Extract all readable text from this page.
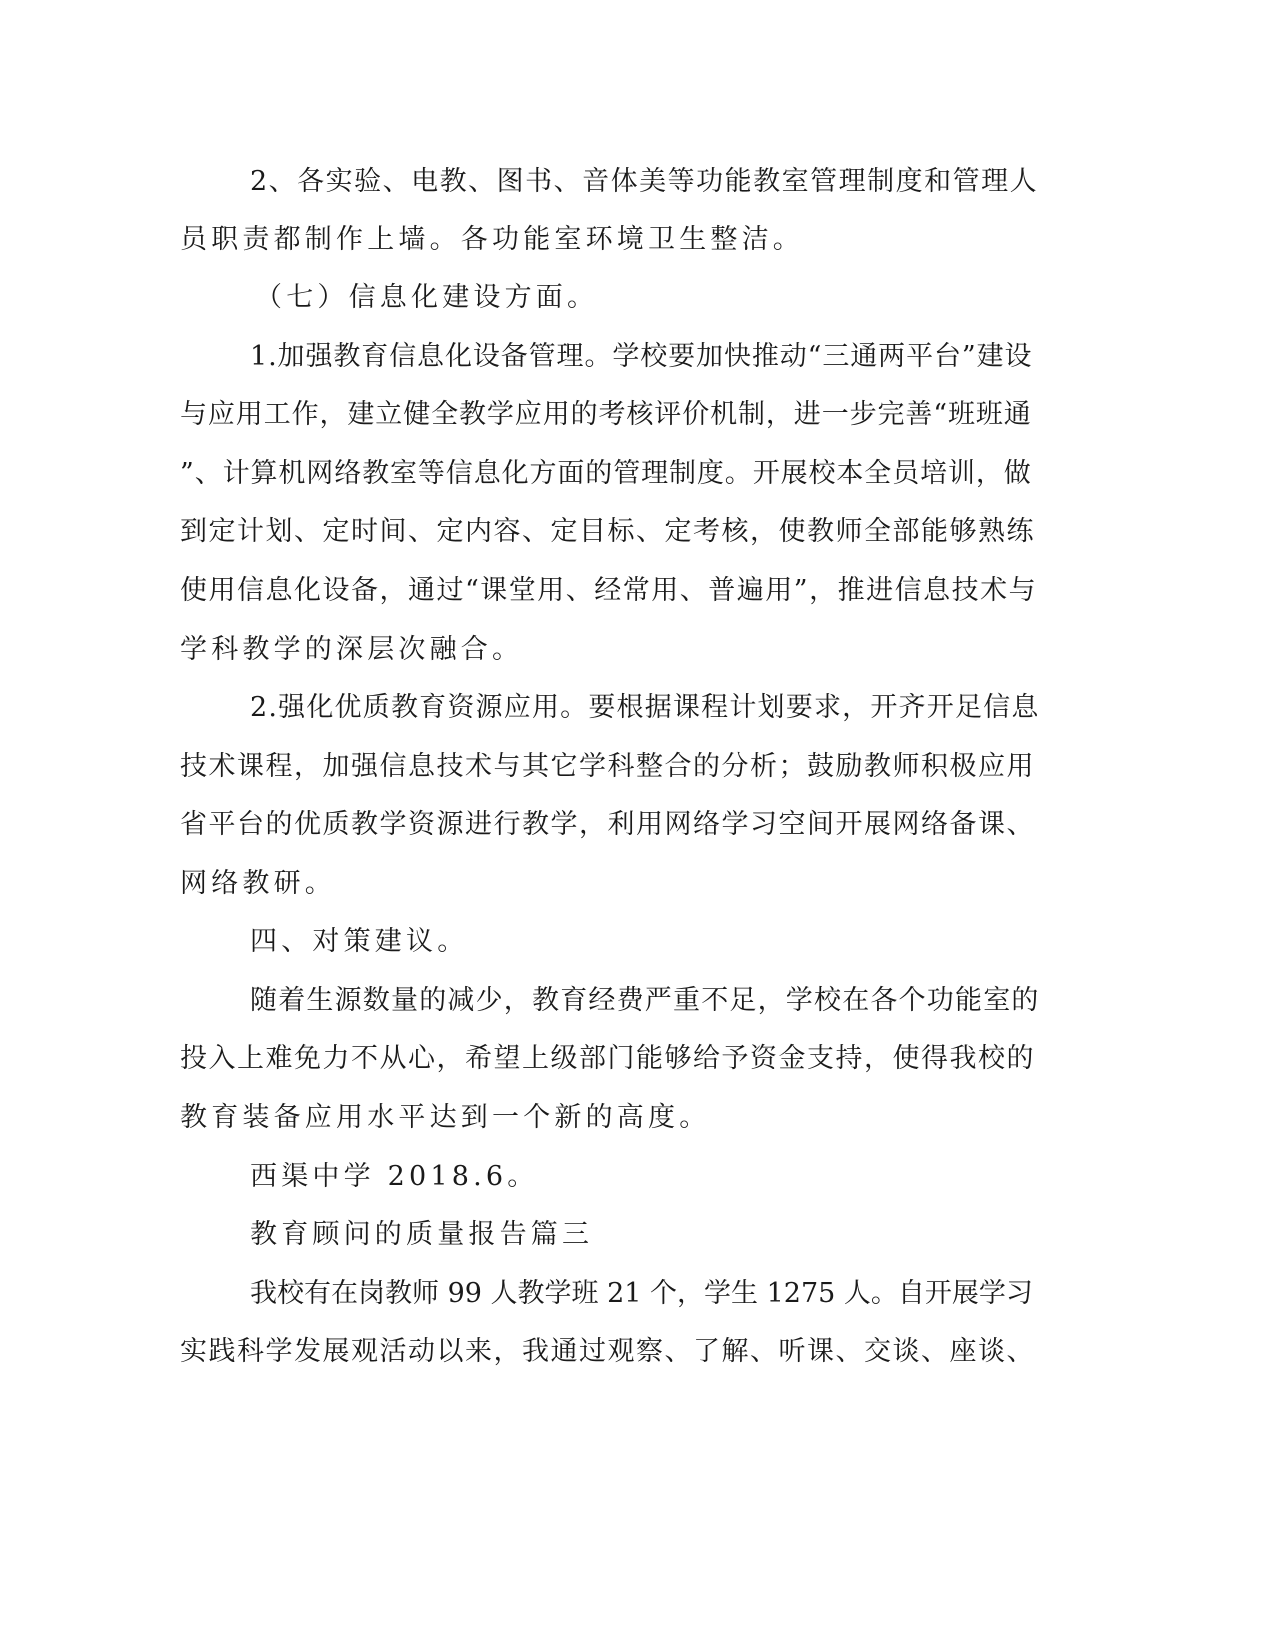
2、各实验、电教、图书、音体美等功能教室管理制度和管理人
员职责都制作上墙。各功能室环境卫生整洁。
（七）信息化建设方面。
1.加强教育信息化设备管理。学校要加快推动“三通两平台”建设
与应用工作，建立健全教学应用的考核评价机制，进一步完善“班班通
”、计算机网络教室等信息化方面的管理制度。开展校本全员培训，做
到定计划、定时间、定内容、定目标、定考核，使教师全部能够熟练
使用信息化设备，通过“课堂用、经常用、普遍用”，推进信息技术与
学科教学的深层次融合。
2.强化优质教育资源应用。要根据课程计划要求，开齐开足信息
技术课程，加强信息技术与其它学科整合的分析；鼓励教师积极应用
省平台的优质教学资源进行教学，利用网络学习空间开展网络备课、
网络教研。
四、对策建议。
随着生源数量的减少，教育经费严重不足，学校在各个功能室的
投入上难免力不从心，希望上级部门能够给予资金支持，使得我校的
教育装备应用水平达到一个新的高度。
西渠中学 2018.6。
教育顾问的质量报告篇三
我校有在岗教师 99 人教学班 21 个，学生 1275 人。自开展学习
实践科学发展观活动以来，我通过观察、了解、听课、交谈、座谈、
